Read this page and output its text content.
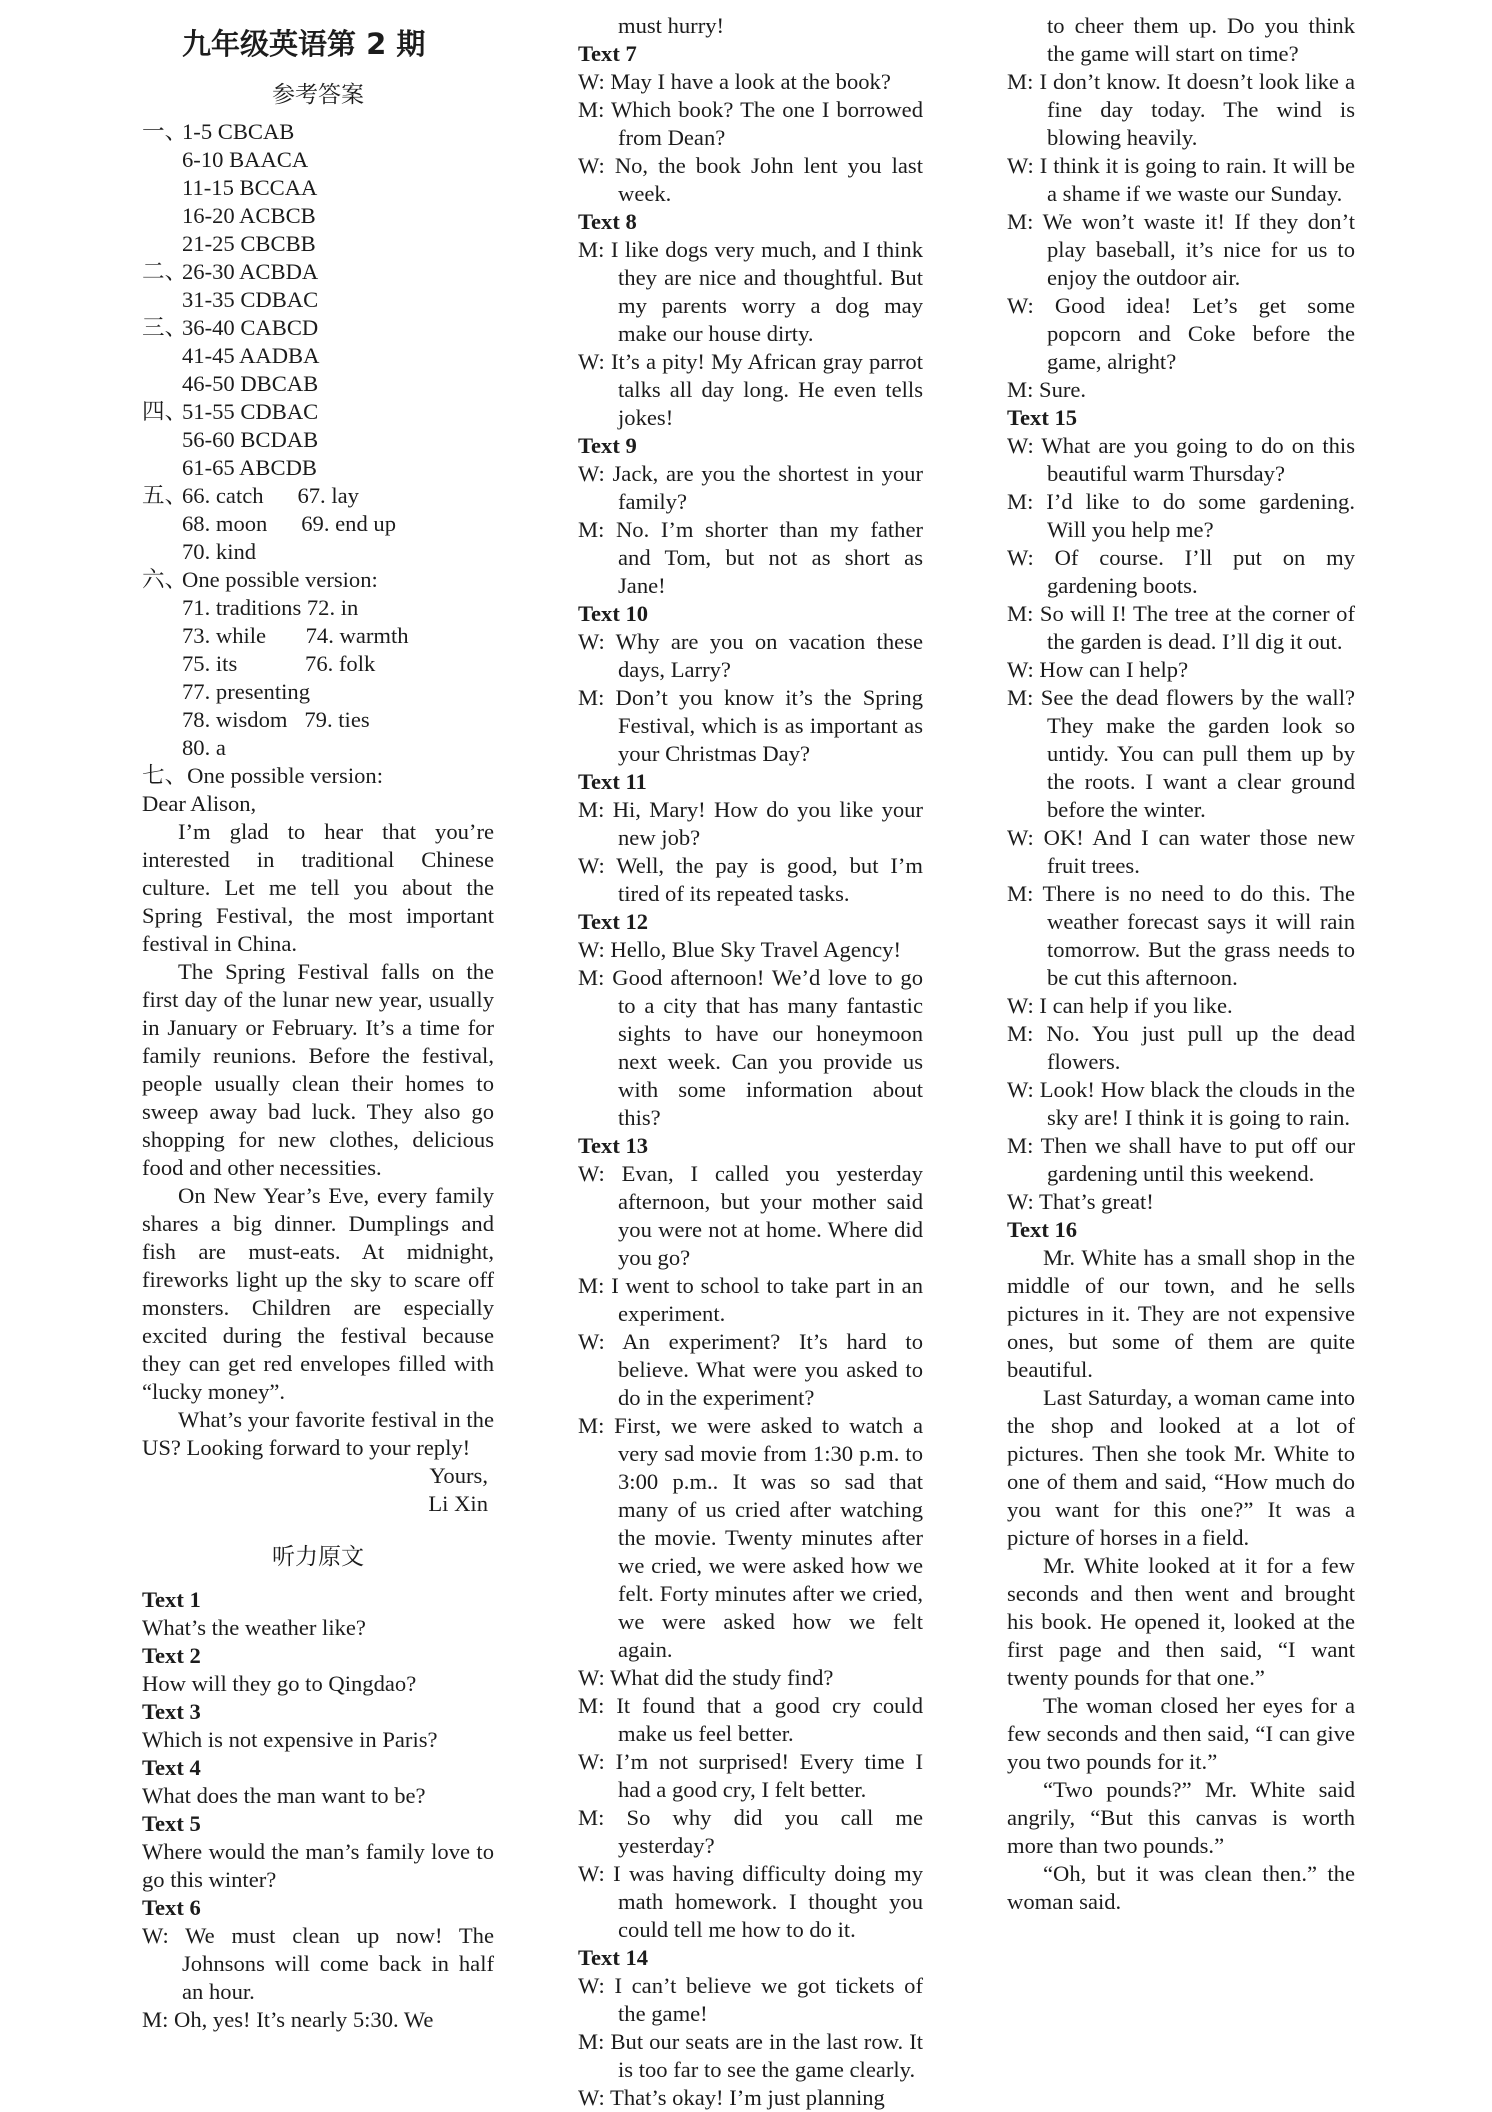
九年级英语第 2 期
参考答案
一、
1-5 CBCAB
6-10 BAACA
11-15 BCCAA
16-20 ACBCB
21-25 CBCBB
二、
26-30 ACBDA
31-35 CDBAC
三、
36-40 CABCD
41-45 AADBA
46-50 DBCAB
四、
51-55 CDBAC
56-60 BCDAB
61-65 ABCDB
五、
66. catch      67. lay
68. moon      69. end up
70. kind
六、
One possible version:
71. traditions 72. in
73. while       74. warmth
75. its            76. folk
77. presenting
78. wisdom   79. ties
80. a
七、One possible version:
Dear Alison,
I’m glad to hear that you’re interested in traditional Chinese culture. Let me tell you about the Spring Festival, the most important festival in China.
The Spring Festival falls on the first day of the lunar new year, usually in January or February. It’s a time for family reunions. Before the festival, people usually clean their homes to sweep away bad luck. They also go shopping for new clothes, delicious food and other necessities.
On New Year’s Eve, every family shares a big dinner. Dumplings and fish are must-eats. At midnight, fireworks light up the sky to scare off monsters. Children are especially excited during the festival because they can get red envelopes filled with “lucky money”.
What’s your favorite festival in the US? Looking forward to your reply!
Yours,
Li Xin
听力原文
Text 1
What’s the weather like?
Text 2
How will they go to Qingdao?
Text 3
Which is not expensive in Paris?
Text 4
What does the man want to be?
Text 5
Where would the man’s family love to go this winter?
Text 6
W: We must clean up now! The Johnsons will come back in half an hour.
M: Oh, yes! It’s nearly 5:30. We
must hurry!
Text 7
W: May I have a look at the book?
M: Which book? The one I borrowed from Dean?
W: No, the book John lent you last week.
Text 8
M: I like dogs very much, and I think they are nice and thoughtful. But my parents worry a dog may make our house dirty.
W: It’s a pity! My African gray parrot talks all day long. He even tells jokes!
Text 9
W: Jack, are you the shortest in your family?
M: No. I’m shorter than my father and Tom, but not as short as Jane!
Text 10
W: Why are you on vacation these days, Larry?
M: Don’t you know it’s the Spring Festival, which is as important as your Christmas Day?
Text 11
M: Hi, Mary! How do you like your new job?
W: Well, the pay is good, but I’m tired of its repeated tasks.
Text 12
W: Hello, Blue Sky Travel Agency!
M: Good afternoon! We’d love to go to a city that has many fantastic sights to have our honeymoon next week. Can you provide us with some information about this?
Text 13
W: Evan, I called you yesterday afternoon, but your mother said you were not at home. Where did you go?
M: I went to school to take part in an experiment.
W: An experiment? It’s hard to believe. What were you asked to do in the experiment?
M: First, we were asked to watch a very sad movie from 1:30 p.m. to 3:00 p.m.. It was so sad that many of us cried after watching the movie. Twenty minutes after we cried, we were asked how we felt. Forty minutes after we cried, we were asked how we felt again.
W: What did the study find?
M: It found that a good cry could make us feel better.
W: I’m not surprised! Every time I had a good cry, I felt better.
M: So why did you call me yesterday?
W: I was having difficulty doing my math homework. I thought you could tell me how to do it.
Text 14
W: I can’t believe we got tickets of the game!
M: But our seats are in the last row. It is too far to see the game clearly.
W: That’s okay! I’m just planning
to cheer them up. Do you think the game will start on time?
M: I don’t know. It doesn’t look like a fine day today. The wind is blowing heavily.
W: I think it is going to rain. It will be a shame if we waste our Sunday.
M: We won’t waste it! If they don’t play baseball, it’s nice for us to enjoy the outdoor air.
W: Good idea! Let’s get some popcorn and Coke before the game, alright?
M: Sure.
Text 15
W: What are you going to do on this beautiful warm Thursday?
M: I’d like to do some gardening. Will you help me?
W: Of course. I’ll put on my gardening boots.
M: So will I! The tree at the corner of the garden is dead. I’ll dig it out.
W: How can I help?
M: See the dead flowers by the wall? They make the garden look so untidy. You can pull them up by the roots. I want a clear ground before the winter.
W: OK! And I can water those new fruit trees.
M: There is no need to do this. The weather forecast says it will rain tomorrow. But the grass needs to be cut this afternoon.
W: I can help if you like.
M: No. You just pull up the dead flowers.
W: Look! How black the clouds in the sky are! I think it is going to rain.
M: Then we shall have to put off our gardening until this weekend.
W: That’s great!
Text 16
Mr. White has a small shop in the middle of our town, and he sells pictures in it. They are not expensive ones, but some of them are quite beautiful.
Last Saturday, a woman came into the shop and looked at a lot of pictures. Then she took Mr. White to one of them and said, “How much do you want for this one?” It was a picture of horses in a field.
Mr. White looked at it for a few seconds and then went and brought his book. He opened it, looked at the first page and then said, “I want twenty pounds for that one.”
The woman closed her eyes for a few seconds and then said, “I can give you two pounds for it.”
“Two pounds?” Mr. White said angrily, “But this canvas is worth more than two pounds.”
“Oh, but it was clean then.” the woman said.
